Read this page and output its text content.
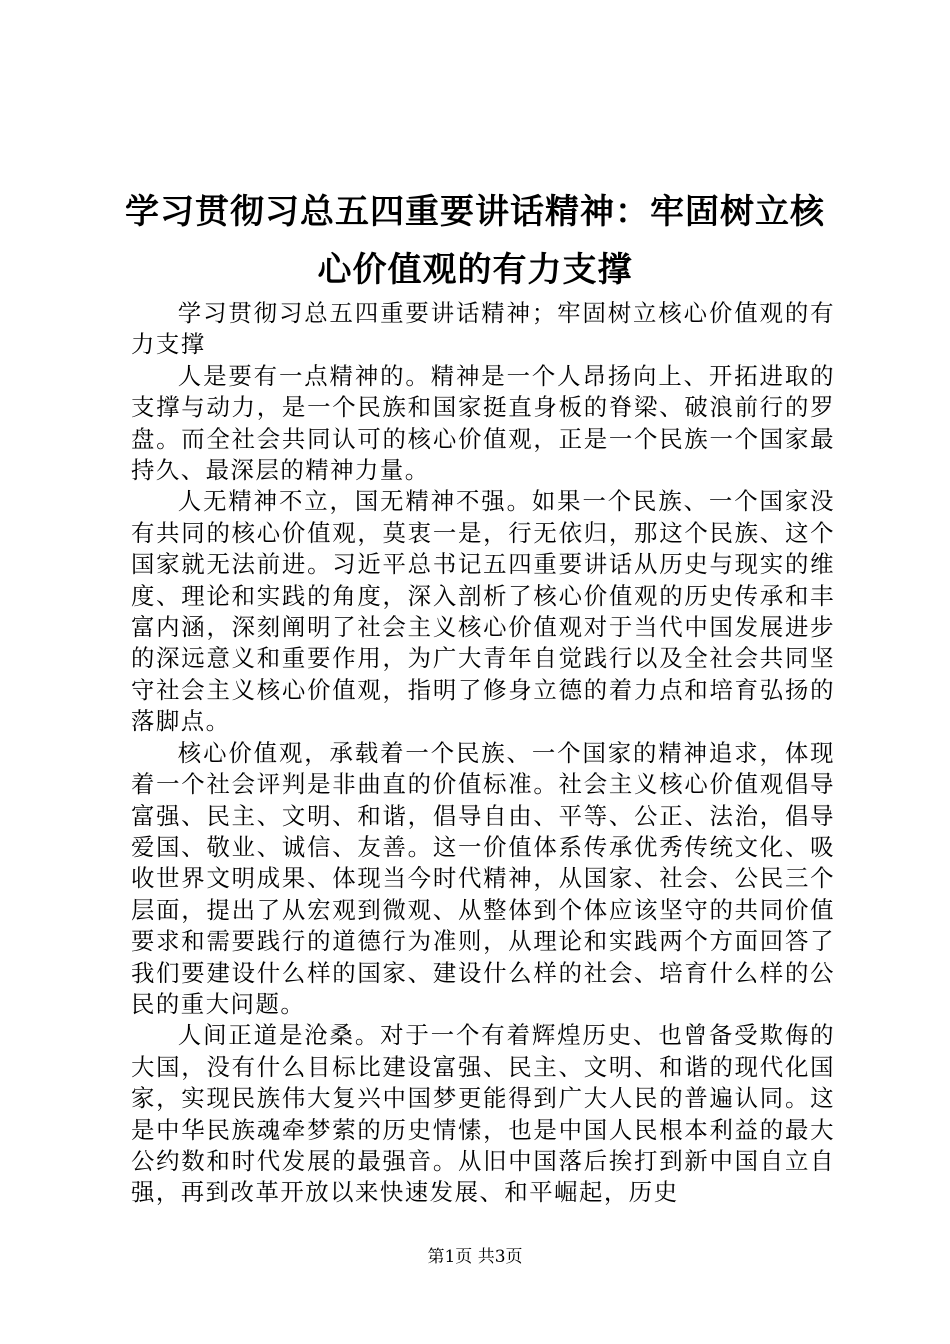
学习贯彻习总五四重要讲话精神：牢固树立核心价值观的有力支撑

学习贯彻习总五四重要讲话精神；牢固树立核心价值观的有力支撑

人是要有一点精神的。精神是一个人昂扬向上、开拓进取的支撑与动力，是一个民族和国家挺直身板的脊梁、破浪前行的罗盘。而全社会共同认可的核心价值观，正是一个民族一个国家最持久、最深层的精神力量。

人无精神不立，国无精神不强。如果一个民族、一个国家没有共同的核心价值观，莫衷一是，行无依归，那这个民族、这个国家就无法前进。习近平总书记五四重要讲话从历史与现实的维度、理论和实践的角度，深入剖析了核心价值观的历史传承和丰富内涵，深刻阐明了社会主义核心价值观对于当代中国发展进步的深远意义和重要作用，为广大青年自觉践行以及全社会共同坚守社会主义核心价值观，指明了修身立德的着力点和培育弘扬的落脚点。

核心价值观，承载着一个民族、一个国家的精神追求，体现着一个社会评判是非曲直的价值标准。社会主义核心价值观倡导富强、民主、文明、和谐，倡导自由、平等、公正、法治，倡导爱国、敬业、诚信、友善。这一价值体系传承优秀传统文化、吸收世界文明成果、体现当今时代精神，从国家、社会、公民三个层面，提出了从宏观到微观、从整体到个体应该坚守的共同价值要求和需要践行的道德行为准则，从理论和实践两个方面回答了我们要建设什么样的国家、建设什么样的社会、培育什么样的公民的重大问题。

人间正道是沧桑。对于一个有着辉煌历史、也曾备受欺侮的大国，没有什么目标比建设富强、民主、文明、和谐的现代化国家，实现民族伟大复兴中国梦更能得到广大人民的普遍认同。这是中华民族魂牵梦萦的历史情愫，也是中国人民根本利益的最大公约数和时代发展的最强音。从旧中国落后挨打到新中国自立自强，再到改革开放以来快速发展、和平崛起，历史

第1页 共3页
